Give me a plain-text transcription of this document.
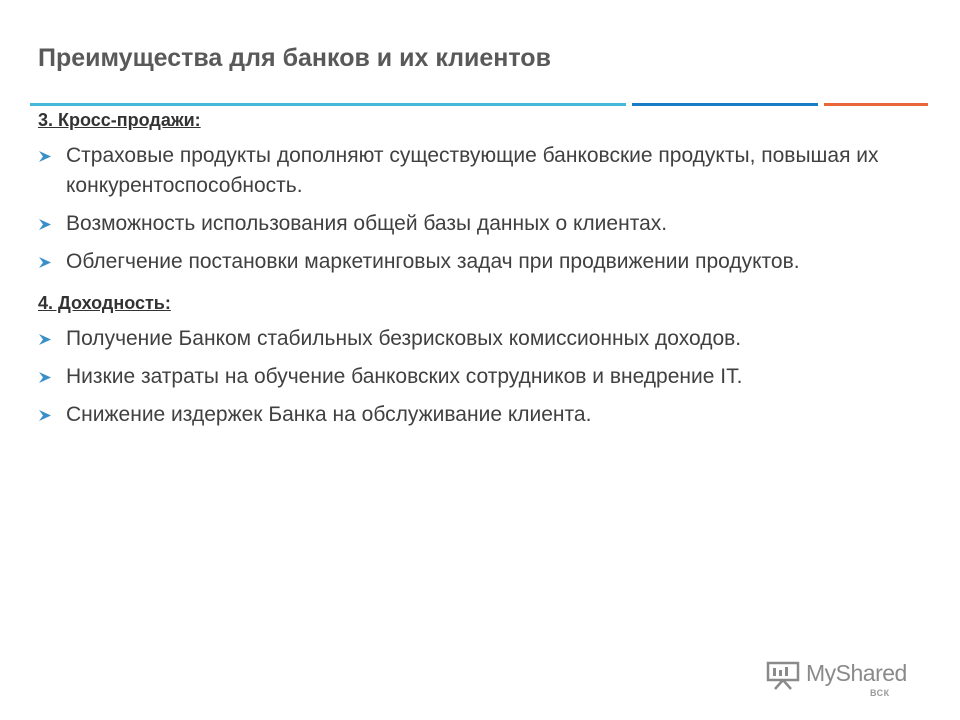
Преимущества для банков и их клиентов
3. Кросс-продажи:
Страховые продукты дополняют существующие банковские продукты, повышая их конкурентоспособность.
Возможность использования общей базы данных о клиентах.
Облегчение постановки маркетинговых задач при продвижении продуктов.
4. Доходность:
Получение Банком стабильных безрисковых комиссионных доходов.
Низкие затраты на обучение банковских сотрудников и внедрение IT.
Снижение издержек Банка на обслуживание клиента.
MyShared
ВСК
